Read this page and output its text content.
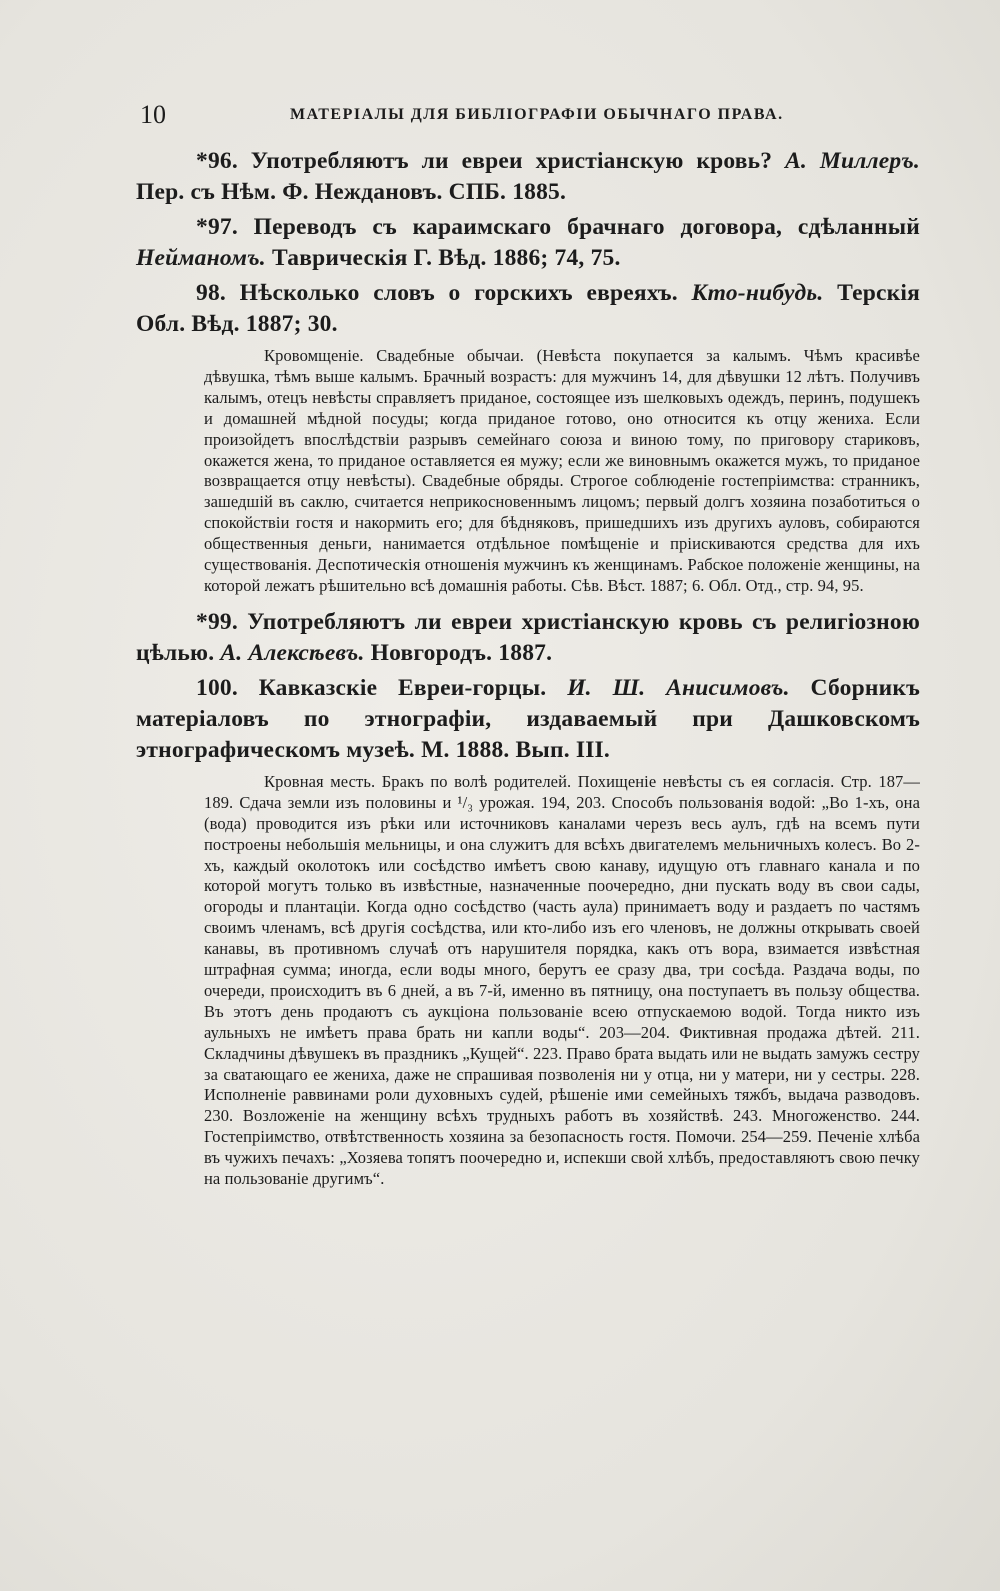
10	МАТЕРІАЛЫ ДЛЯ БИБЛІОГРАФІИ ОБЫЧНАГО ПРАВА.

*96. Употребляютъ ли евреи христіанскую кровь? А. Миллеръ. Пер. съ Нѣм. Ф. Неждановъ. СПБ. 1885.

*97. Переводъ съ караимскаго брачнаго договора, сдѣланный Нейманомъ. Таврическія Г. Вѣд. 1886; 74, 75.

98. Нѣсколько словъ о горскихъ евреяхъ. Кто-нибудь. Терскія Обл. Вѣд. 1887; 30.

Кровомщеніе. Свадебные обычаи. (Невѣста покупается за калымъ. Чѣмъ красивѣе дѣвушка, тѣмъ выше калымъ. Брачный возрастъ: для мужчинъ 14, для дѣвушки 12 лѣтъ. Получивъ калымъ, отецъ невѣсты справляетъ приданое, состоящее изъ шелковыхъ одеждъ, перинъ, подушекъ и домашней мѣдной посуды; когда приданое готово, оно относится къ отцу жениха. Если произойдетъ впослѣдствіи разрывъ семейнаго союза и виною тому, по приговору стариковъ, окажется жена, то приданое оставляется ея мужу; если же виновнымъ окажется мужъ, то приданое возвращается отцу невѣсты). Свадебные обряды. Строгое соблюденіе гостепріимства: странникъ, зашедшій въ саклю, считается неприкосновеннымъ лицомъ; первый долгъ хозяина позаботиться о спокойствіи гостя и накормить его; для бѣдняковъ, пришедшихъ изъ другихъ ауловъ, собираются общественныя деньги, нанимается отдѣльное помѣщеніе и пріискиваются средства для ихъ существованія. Деспотическія отношенія мужчинъ къ женщинамъ. Рабское положеніе женщины, на которой лежатъ рѣшительно всѣ домашнія работы. Сѣв. Вѣст. 1887; 6. Обл. Отд., стр. 94, 95.

*99. Употребляютъ ли евреи христіанскую кровь съ религіозною цѣлью. А. Алексѣевъ. Новгородъ. 1887.

100. Кавказскіе Евреи-горцы. И. Ш. Анисимовъ. Сборникъ матеріаловъ по этнографіи, издаваемый при Дашковскомъ этнографическомъ музеѣ. М. 1888. Вып. III.

Кровная месть. Бракъ по волѣ родителей. Похищеніе невѣсты съ ея согласія. Стр. 187—189. Сдача земли изъ половины и ¹/₃ урожая. 194, 203. Способъ пользованія водой: „Во 1-хъ, она (вода) проводится изъ рѣки или источниковъ каналами черезъ весь аулъ, гдѣ на всемъ пути построены небольшія мельницы, и она служитъ для всѣхъ двигателемъ мельничныхъ колесъ. Во 2-хъ, каждый околотокъ или сосѣдство имѣетъ свою канаву, идущую отъ главнаго канала и по которой могутъ только въ извѣстные, назначенные поочередно, дни пускать воду въ свои сады, огороды и плантаціи. Когда одно сосѣдство (часть аула) принимаетъ воду и раздаетъ по частямъ своимъ членамъ, всѣ другія сосѣдства, или кто-либо изъ его членовъ, не должны открывать своей канавы, въ противномъ случаѣ отъ нарушителя порядка, какъ отъ вора, взимается извѣстная штрафная сумма; иногда, если воды много, берутъ ее сразу два, три сосѣда. Раздача воды, по очереди, происходитъ въ 6 дней, а въ 7-й, именно въ пятницу, она поступаетъ въ пользу общества. Въ этотъ день продаютъ съ аукціона пользованіе всею отпускаемою водой. Тогда никто изъ аульныхъ не имѣетъ права брать ни капли воды“. 203—204. Фиктивная продажа дѣтей. 211. Складчины дѣвушекъ въ праздникъ „Кущей“. 223. Право брата выдать или не выдать замужъ сестру за сватающаго ее жениха, даже не спрашивая позволенія ни у отца, ни у матери, ни у сестры. 228. Исполненіе раввинами роли духовныхъ судей, рѣшеніе ими семейныхъ тяжбъ, выдача разводовъ. 230. Возложеніе на женщину всѣхъ трудныхъ работъ въ хозяйствѣ. 243. Многоженство. 244. Гостепріимство, отвѣтственность хозяина за безопасность гостя. Помочи. 254—259. Печеніе хлѣба въ чужихъ печахъ: „Хозяева топятъ поочередно и, испекши свой хлѣбъ, предоставляютъ свою печку на пользованіе другимъ“.
